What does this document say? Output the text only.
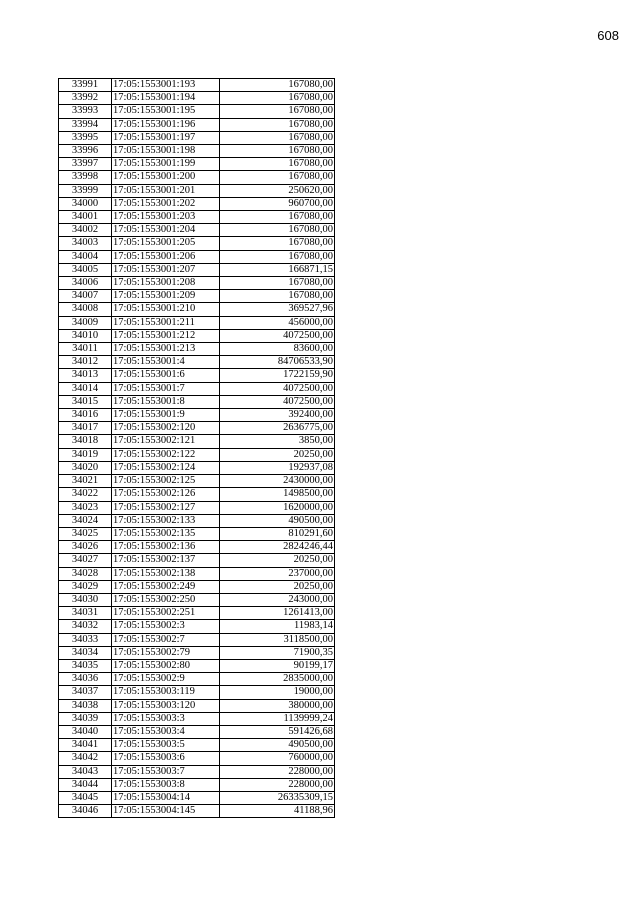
608
33991	17:05:1553001:193	167080,00
33992	17:05:1553001:194	167080,00
33993	17:05:1553001:195	167080,00
33994	17:05:1553001:196	167080,00
33995	17:05:1553001:197	167080,00
33996	17:05:1553001:198	167080,00
33997	17:05:1553001:199	167080,00
33998	17:05:1553001:200	167080,00
33999	17:05:1553001:201	250620,00
34000	17:05:1553001:202	960700,00
34001	17:05:1553001:203	167080,00
34002	17:05:1553001:204	167080,00
34003	17:05:1553001:205	167080,00
34004	17:05:1553001:206	167080,00
34005	17:05:1553001:207	166871,15
34006	17:05:1553001:208	167080,00
34007	17:05:1553001:209	167080,00
34008	17:05:1553001:210	369527,96
34009	17:05:1553001:211	456000,00
34010	17:05:1553001:212	4072500,00
34011	17:05:1553001:213	83600,00
34012	17:05:1553001:4	84706533,90
34013	17:05:1553001:6	1722159,90
34014	17:05:1553001:7	4072500,00
34015	17:05:1553001:8	4072500,00
34016	17:05:1553001:9	392400,00
34017	17:05:1553002:120	2636775,00
34018	17:05:1553002:121	3850,00
34019	17:05:1553002:122	20250,00
34020	17:05:1553002:124	192937,08
34021	17:05:1553002:125	2430000,00
34022	17:05:1553002:126	1498500,00
34023	17:05:1553002:127	1620000,00
34024	17:05:1553002:133	490500,00
34025	17:05:1553002:135	810291,60
34026	17:05:1553002:136	2824246,44
34027	17:05:1553002:137	20250,00
34028	17:05:1553002:138	237000,00
34029	17:05:1553002:249	20250,00
34030	17:05:1553002:250	243000,00
34031	17:05:1553002:251	1261413,00
34032	17:05:1553002:3	11983,14
34033	17:05:1553002:7	3118500,00
34034	17:05:1553002:79	71900,35
34035	17:05:1553002:80	90199,17
34036	17:05:1553002:9	2835000,00
34037	17:05:1553003:119	19000,00
34038	17:05:1553003:120	380000,00
34039	17:05:1553003:3	1139999,24
34040	17:05:1553003:4	591426,68
34041	17:05:1553003:5	490500,00
34042	17:05:1553003:6	760000,00
34043	17:05:1553003:7	228000,00
34044	17:05:1553003:8	228000,00
34045	17:05:1553004:14	26335309,15
34046	17:05:1553004:145	41188,96
